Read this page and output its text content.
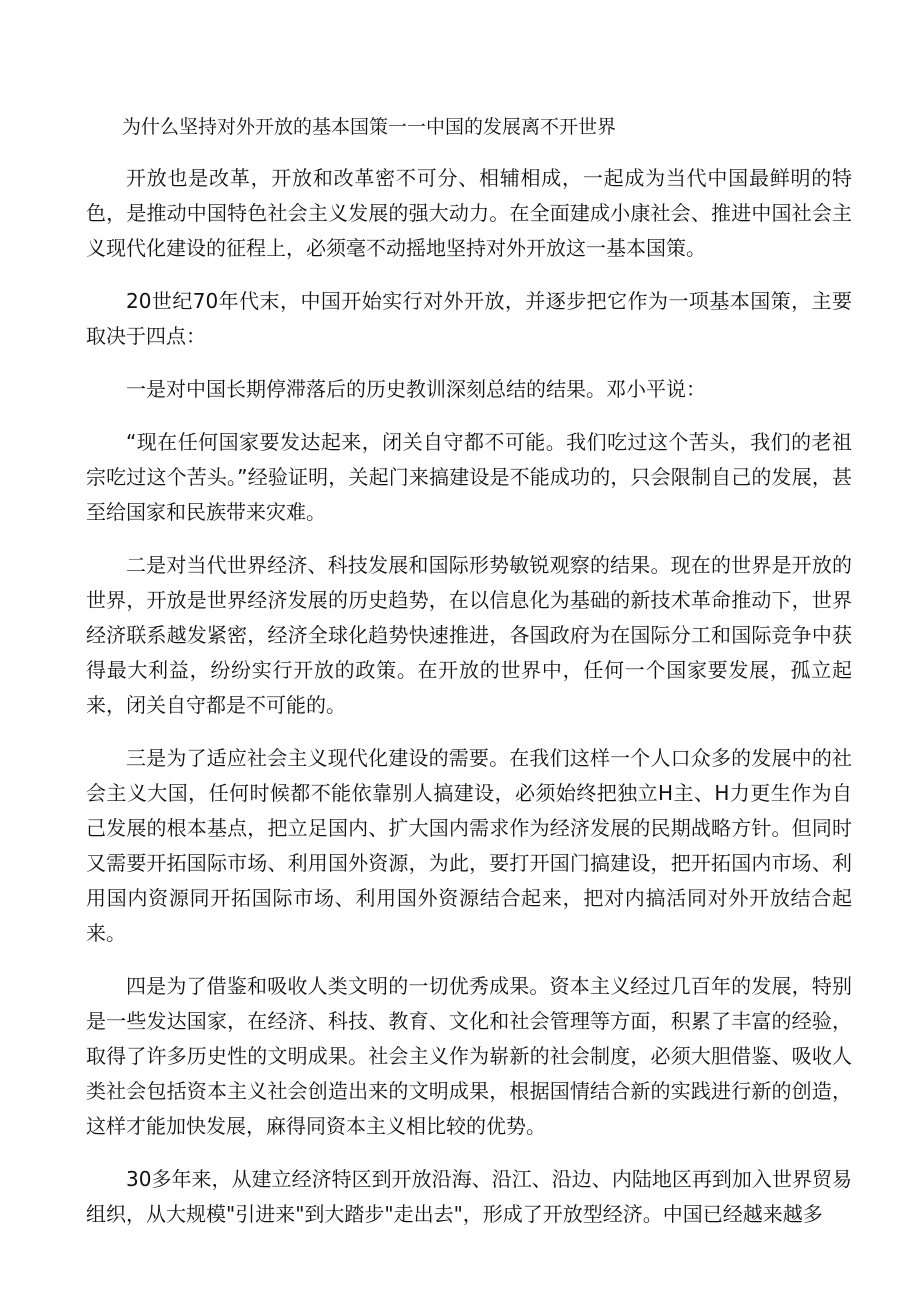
为什么坚持对外开放的基本国策一一中国的发展离不开世界

开放也是改革，开放和改革密不可分、相辅相成，一起成为当代中国最鲜明的特色，是推动中国特色社会主义发展的强大动力。在全面建成小康社会、推进中国社会主义现代化建设的征程上，必须毫不动摇地坚持对外开放这一基本国策。

20世纪70年代末，中国开始实行对外开放，并逐步把它作为一项基本国策，主要取决于四点：

一是对中国长期停滞落后的历史教训深刻总结的结果。邓小平说：

“现在任何国家要发达起来，闭关自守都不可能。我们吃过这个苦头，我们的老祖宗吃过这个苦头。”经验证明，关起门来搞建设是不能成功的，只会限制自己的发展，甚至给国家和民族带来灾难。

二是对当代世界经济、科技发展和国际形势敏锐观察的结果。现在的世界是开放的世界，开放是世界经济发展的历史趋势，在以信息化为基础的新技术革命推动下，世界经济联系越发紧密，经济全球化趋势快速推进，各国政府为在国际分工和国际竞争中获得最大利益，纷纷实行开放的政策。在开放的世界中，任何一个国家要发展，孤立起来，闭关自守都是不可能的。

三是为了适应社会主义现代化建设的需要。在我们这样一个人口众多的发展中的社会主义大国，任何时候都不能依靠别人搞建设，必须始终把独立H主、H力更生作为自己发展的根本基点，把立足国内、扩大国内需求作为经济发展的民期战略方针。但同时又需要开拓国际市场、利用国外资源，为此，要打开国门搞建设，把开拓国内市场、利用国内资源同开拓国际市场、利用国外资源结合起来，把对内搞活同对外开放结合起来。

四是为了借鉴和吸收人类文明的一切优秀成果。资本主义经过几百年的发展，特别是一些发达国家，在经济、科技、教育、文化和社会管理等方面，积累了丰富的经验，取得了许多历史性的文明成果。社会主义作为崭新的社会制度，必须大胆借鉴、吸收人类社会包括资本主义社会创造出来的文明成果，根据国情结合新的实践进行新的创造，这样才能加快发展，麻得同资本主义相比较的优势。

30多年来，从建立经济特区到开放沿海、沿江、沿边、内陆地区再到加入世界贸易组织，从大规模"引进来"到大踏步"走出去"，形成了开放型经济。中国已经越来越多
